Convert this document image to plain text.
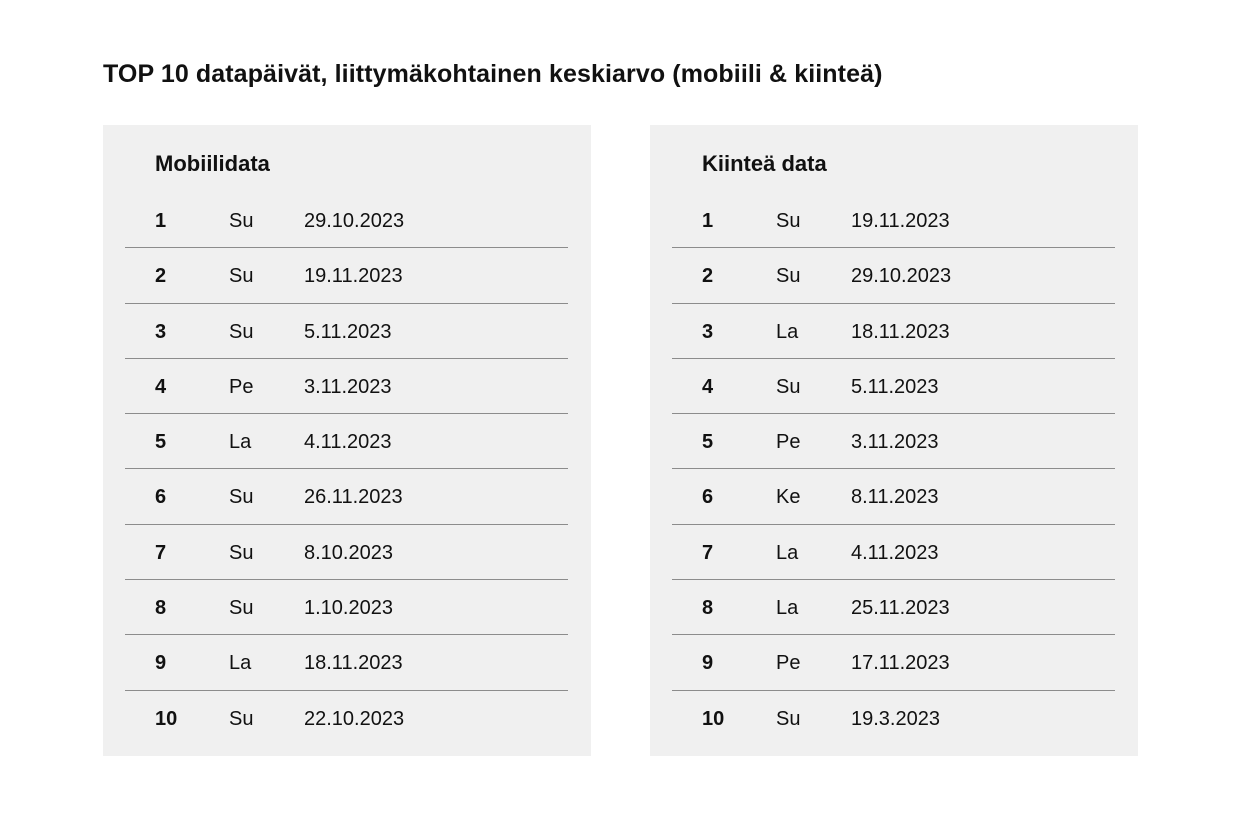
TOP 10 datapäivät, liittymäkohtainen keskiarvo (mobiili & kiinteä)
Mobiilidata
1	Su	29.10.2023
2	Su	19.11.2023
3	Su	5.11.2023
4	Pe	3.11.2023
5	La	4.11.2023
6	Su	26.11.2023
7	Su	8.10.2023
8	Su	1.10.2023
9	La	18.11.2023
10	Su	22.10.2023
Kiinteä data
1	Su	19.11.2023
2	Su	29.10.2023
3	La	18.11.2023
4	Su	5.11.2023
5	Pe	3.11.2023
6	Ke	8.11.2023
7	La	4.11.2023
8	La	25.11.2023
9	Pe	17.11.2023
10	Su	19.3.2023
